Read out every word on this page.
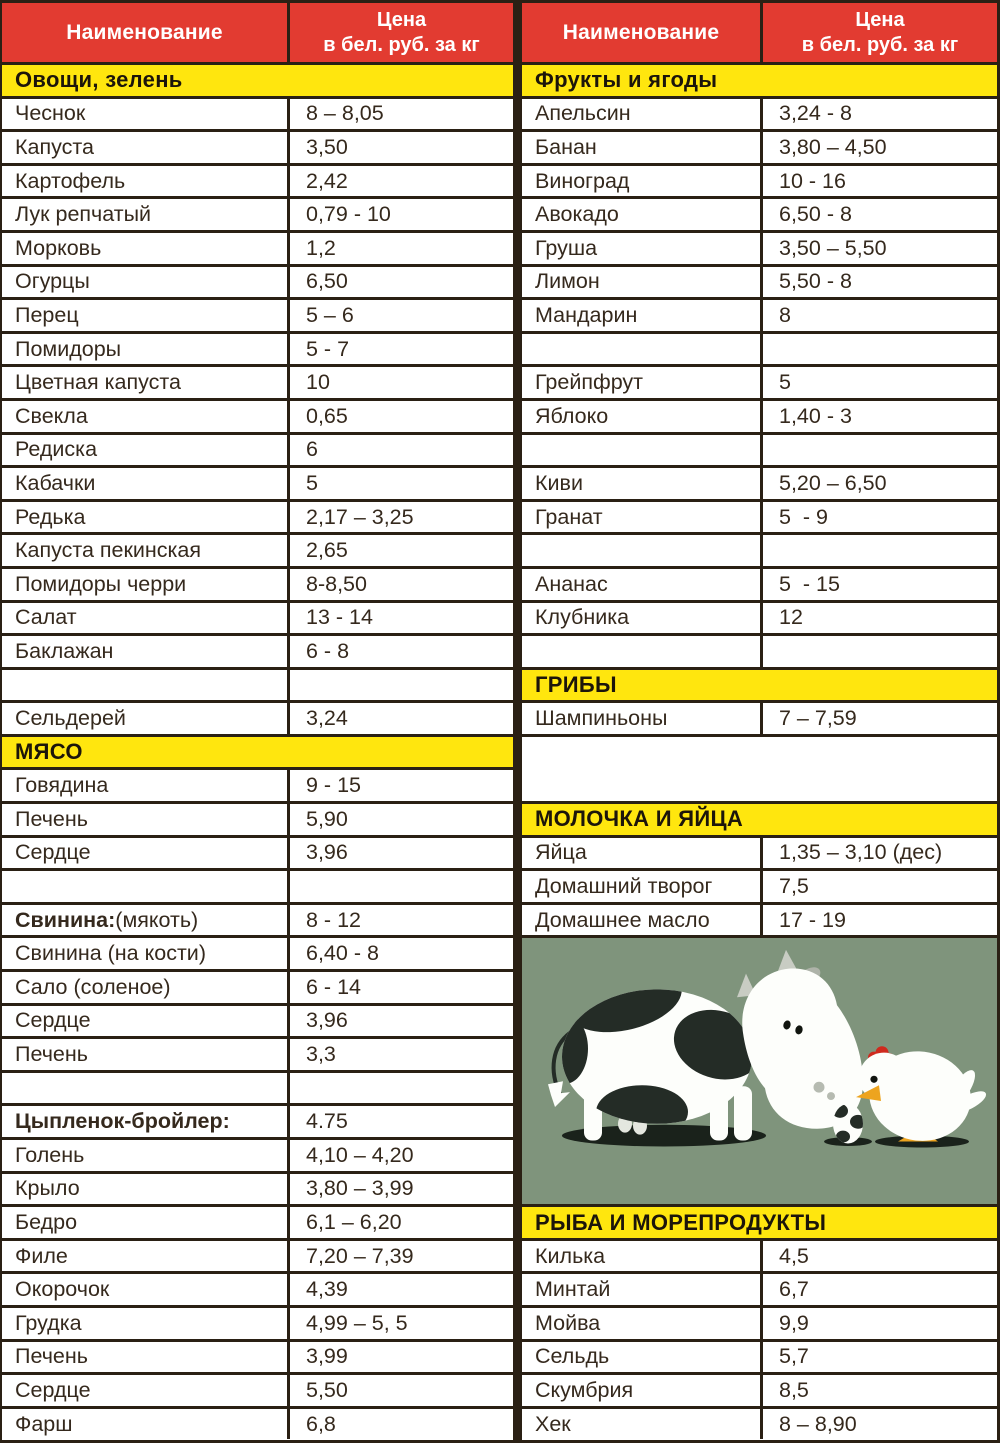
Наименование
Цена
в бел. руб. за кг
Овощи, зелень
Чеснок	8 – 8,05
Капуста	3,50
Картофель	2,42
Лук репчатый	0,79 - 10
Морковь	1,2
Огурцы	6,50
Перец	5 – 6
Помидоры	5 - 7
Цветная капуста	10
Свекла	0,65
Редиска	6
Кабачки	5
Редька	2,17 – 3,25
Капуста пекинская	2,65
Помидоры черри	8-8,50
Салат	13 - 14
Баклажан	6 - 8
Сельдерей	3,24
МЯСО
Говядина	9 - 15
Печень	5,90
Сердце	3,96
Свинина: (мякоть)	8 - 12
Свинина (на кости)	6,40 - 8
Сало (соленое)	6 - 14
Сердце	3,96
Печень	3,3
Цыпленок-бройлер:	4.75
Голень	4,10 – 4,20
Крыло	3,80 – 3,99
Бедро	6,1 – 6,20
Филе	7,20 – 7,39
Окорочок	4,39
Грудка	4,99 – 5, 5
Печень	3,99
Сердце	5,50
Фарш	6,8
Наименование
Цена
в бел. руб. за кг
Фрукты и ягоды
Апельсин	3,24 - 8
Банан	3,80 – 4,50
Виноград	10 - 16
Авокадо	6,50 - 8
Груша	3,50 – 5,50
Лимон	5,50 - 8
Мандарин	8
Грейпфрут	5
Яблоко	1,40 - 3
Киви	5,20 – 6,50
Гранат	5  - 9
Ананас	5  - 15
Клубника	12
ГРИБЫ
Шампиньоны	7 – 7,59
МОЛОЧКА И ЯЙЦА
Яйца	1,35 – 3,10 (дес)
Домашний творог	7,5
Домашнее масло	17 - 19
РЫБА И МОРЕПРОДУКТЫ
Килька	4,5
Минтай	6,7
Мойва	9,9
Сельдь	5,7
Скумбрия	8,5
Хек	8 – 8,90
